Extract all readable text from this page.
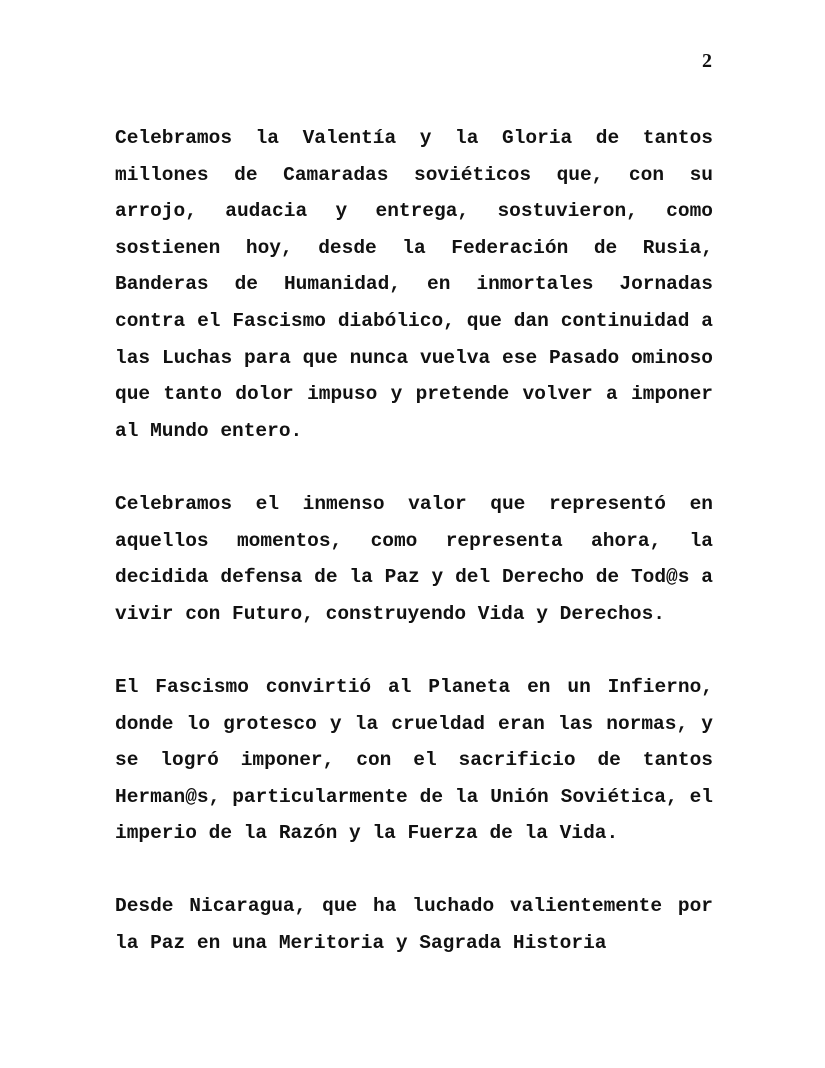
2

Celebramos la Valentía y la Gloria de tantos millones de Camaradas soviéticos que, con su arrojo, audacia y entrega, sostuvieron, como sostienen hoy, desde la Federación de Rusia, Banderas de Humanidad, en inmortales Jornadas contra el Fascismo diabólico, que dan continuidad a las Luchas para que nunca vuelva ese Pasado ominoso que tanto dolor impuso y pretende volver a imponer al Mundo entero.

Celebramos el inmenso valor que representó en aquellos momentos, como representa ahora, la decidida defensa de la Paz y del Derecho de Tod@s a vivir con Futuro, construyendo Vida y Derechos.

El Fascismo convirtió al Planeta en un Infierno, donde lo grotesco y la crueldad eran las normas, y se logró imponer, con el sacrificio de tantos Herman@s, particularmente de la Unión Soviética, el imperio de la Razón y la Fuerza de la Vida.

Desde Nicaragua, que ha luchado valientemente por la Paz en una Meritoria y Sagrada Historia
